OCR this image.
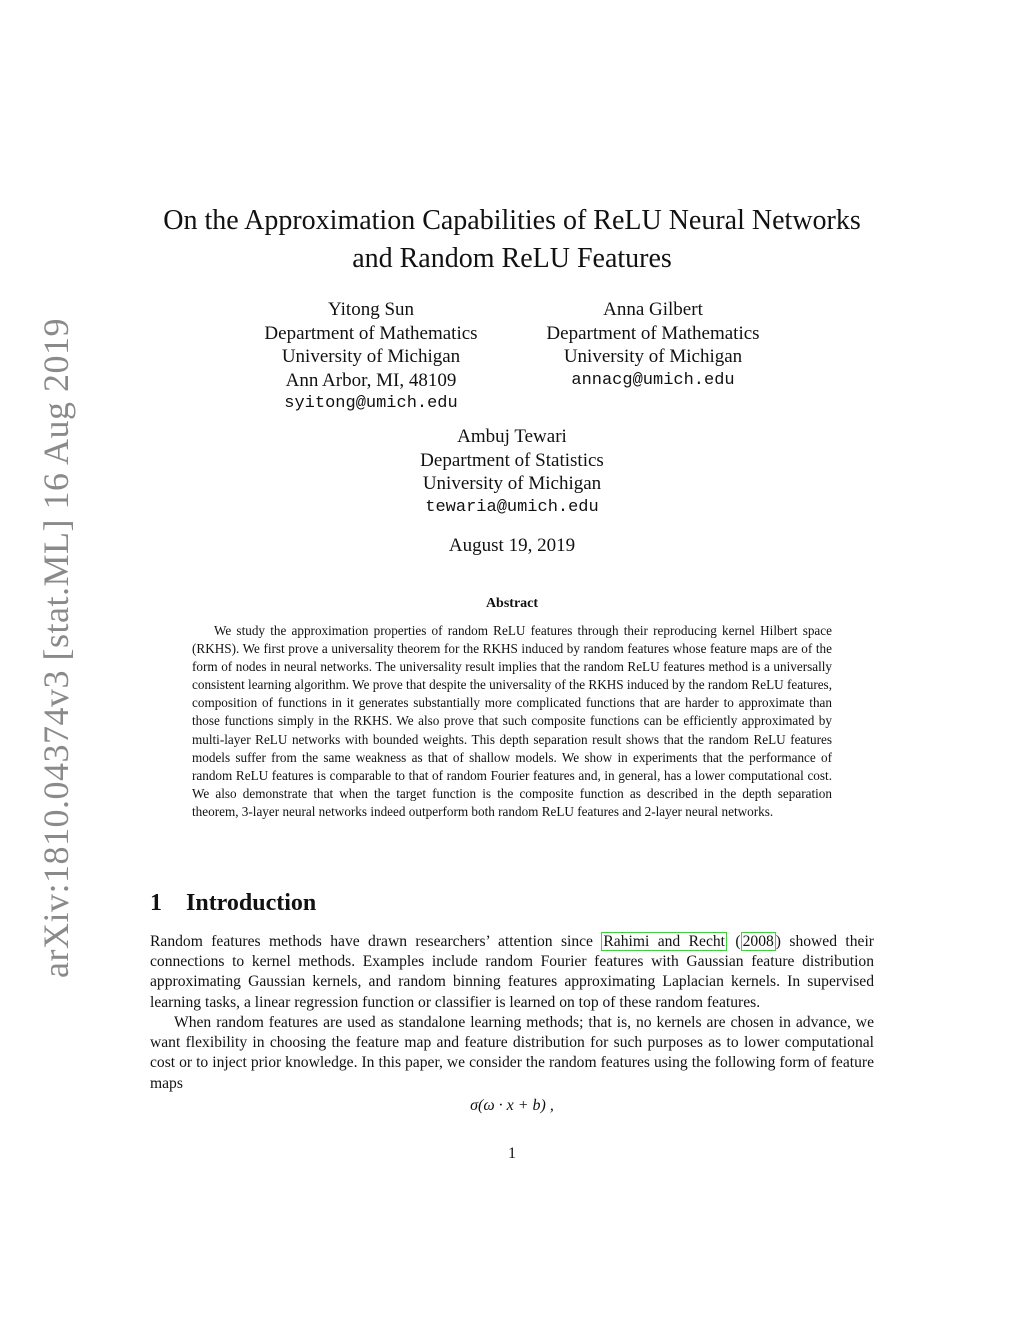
arXiv:1810.04374v3 [stat.ML] 16 Aug 2019
On the Approximation Capabilities of ReLU Neural Networks
and Random ReLU Features
Yitong Sun
Department of Mathematics
University of Michigan
Ann Arbor, MI, 48109
syitong@umich.edu
Anna Gilbert
Department of Mathematics
University of Michigan
annacg@umich.edu
Ambuj Tewari
Department of Statistics
University of Michigan
tewaria@umich.edu
August 19, 2019
Abstract

We study the approximation properties of random ReLU features through their reproducing kernel Hilbert space (RKHS). We first prove a universality theorem for the RKHS induced by random features whose feature maps are of the form of nodes in neural networks. The universality result implies that the random ReLU features method is a universally consistent learning algorithm. We prove that despite the universality of the RKHS induced by the random ReLU features, composition of functions in it generates substantially more complicated functions that are harder to approximate than those functions simply in the RKHS. We also prove that such composite functions can be efficiently approximated by multi-layer ReLU networks with bounded weights. This depth separation result shows that the random ReLU features models suffer from the same weakness as that of shallow models. We show in experiments that the performance of random ReLU features is comparable to that of random Fourier features and, in general, has a lower computational cost. We also demonstrate that when the target function is the composite function as described in the depth separation theorem, 3-layer neural networks indeed outperform both random ReLU features and 2-layer neural networks.

1 Introduction

Random features methods have drawn researchers’ attention since Rahimi and Recht ( 2008 ) showed their connections to kernel methods. Examples include random Fourier features with Gaussian feature distribution approximating Gaussian kernels, and random binning features approximating Laplacian kernels. In supervised learning tasks, a linear regression function or classifier is learned on top of these random features.

When random features are used as standalone learning methods; that is, no kernels are chosen in advance, we want flexibility in choosing the feature map and feature distribution for such purposes as to lower computational cost or to inject prior knowledge. In this paper, we consider the random features using the following form of feature maps

σ(ω · x + b) ,
1
